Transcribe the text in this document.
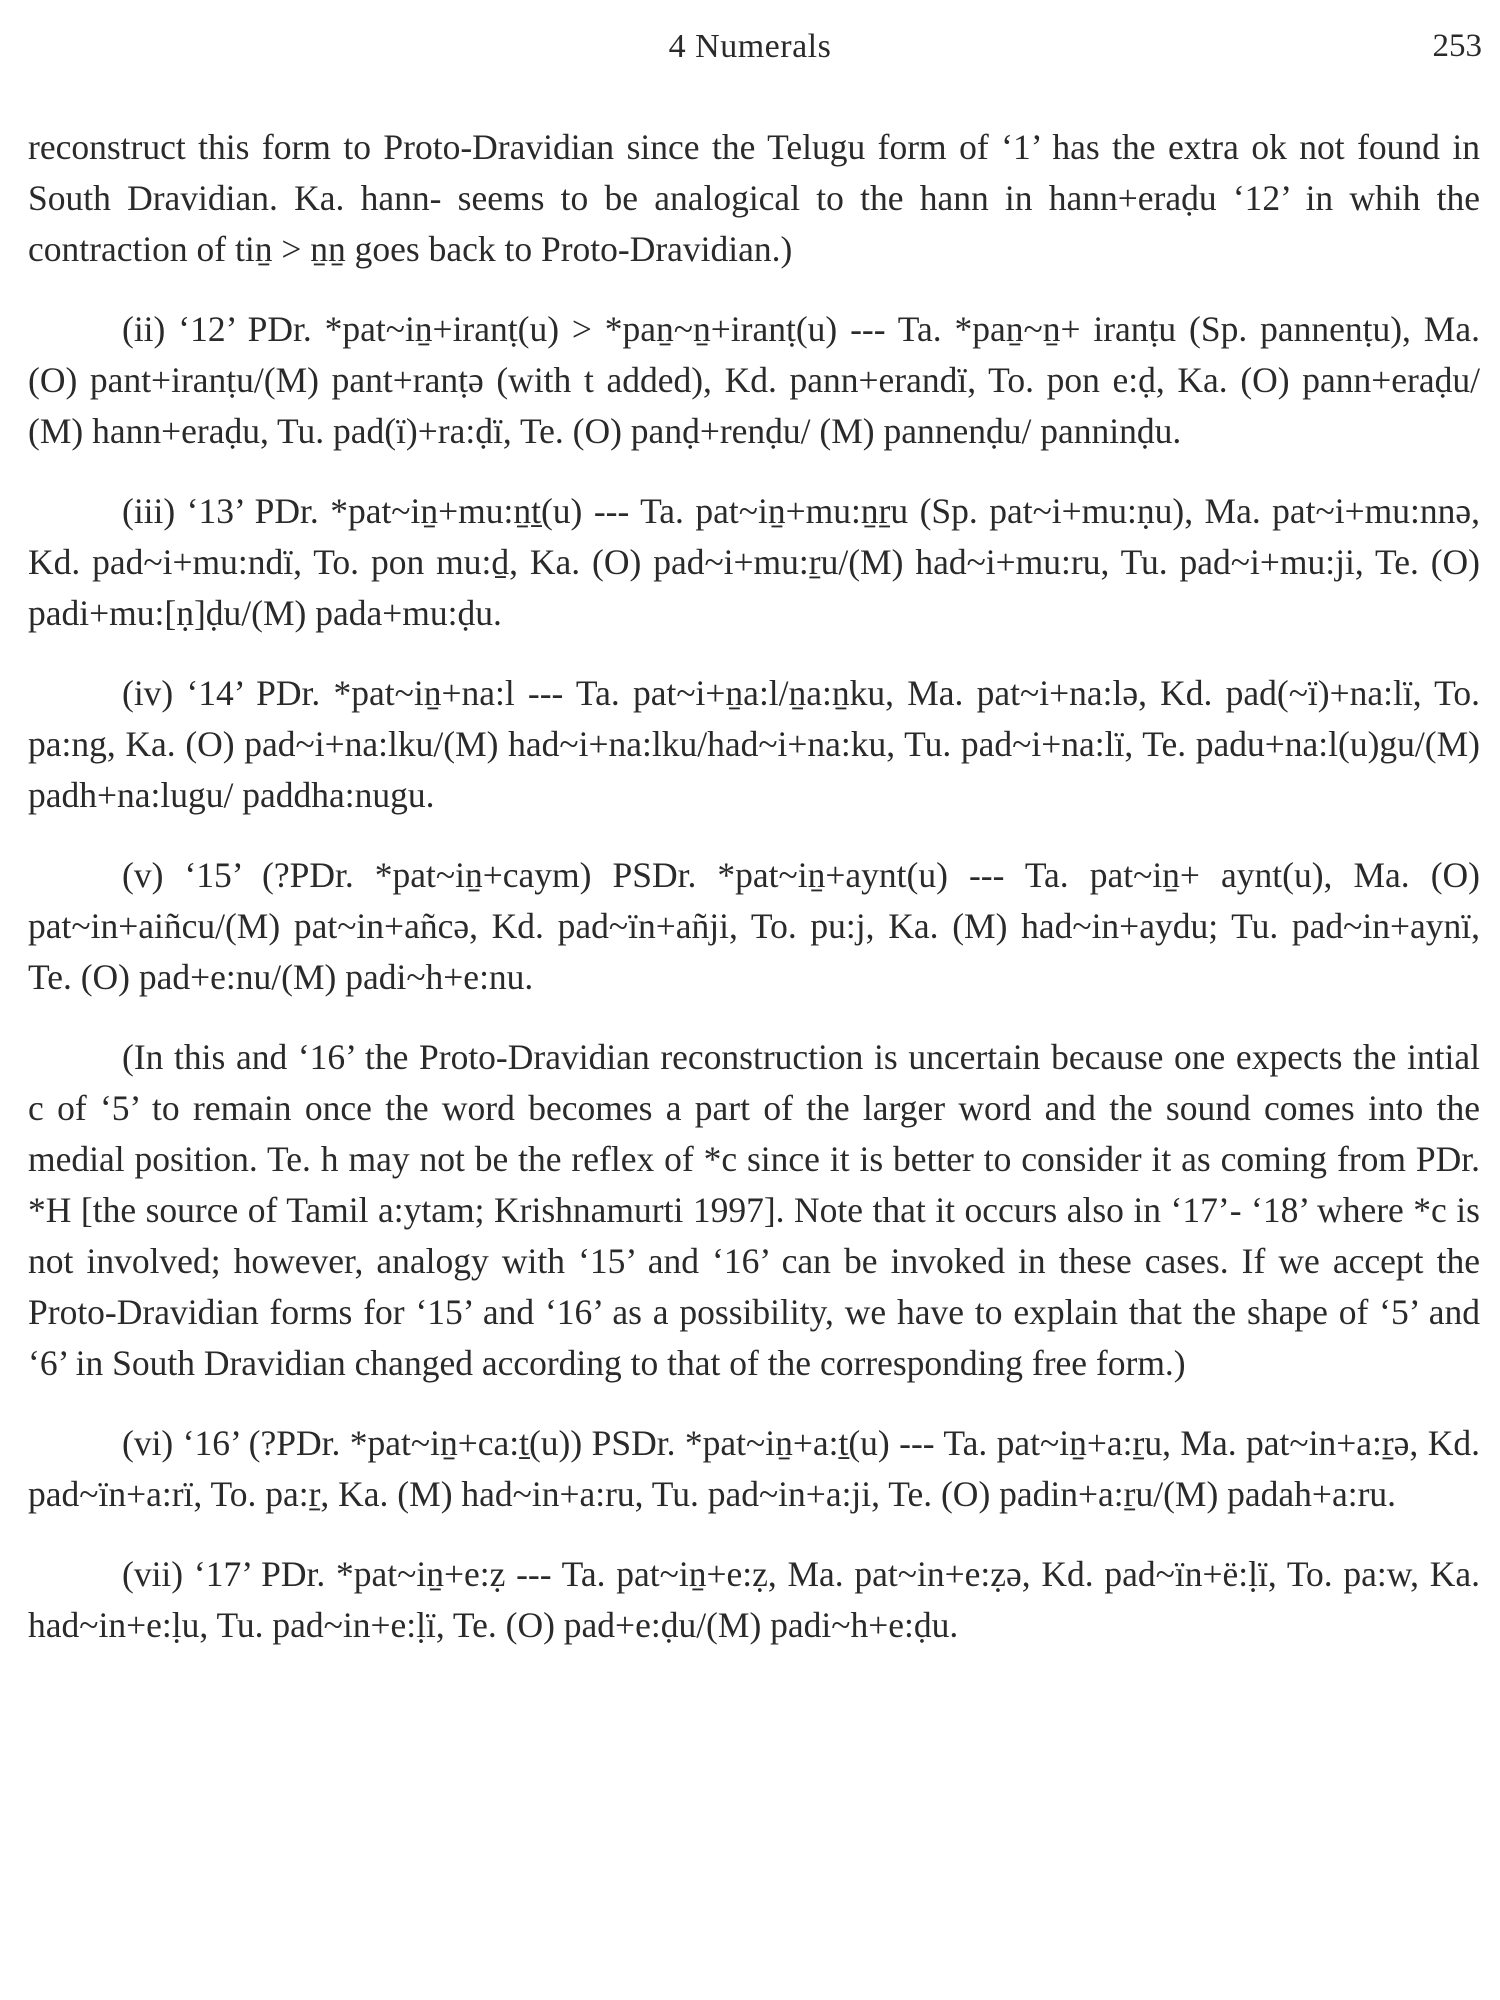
4 Numerals	253

reconstruct this form to Proto-Dravidian since the Telugu form of ‘1’ has the extra ok not found in South Dravidian. Ka. hann- seems to be analogical to the hann in hann+eraḍu ‘12’ in whih the contraction of tiṉ > ṉṉ goes back to Proto-Dravidian.)

(ii) ‘12’ PDr. *pat~iṉ+iranṭ(u) > *paṉ~ṉ+iranṭ(u) --- Ta. *paṉ~ṉ+ iranṭu (Sp. pannenṭu), Ma. (O) pant+iranṭu/(M) pant+ranṭə (with t added), Kd. pann+erandï, To. pon e:ḍ, Ka. (O) pann+eraḍu/ (M) hann+eraḍu, Tu. pad(ï)+ra:ḍï, Te. (O) panḍ+renḍu/ (M) pannenḍu/ panninḍu.

(iii) ‘13’ PDr. *pat~iṉ+mu:ṉṯ(u) --- Ta. pat~iṉ+mu:ṉṟu (Sp. pat~i+mu:ṇu), Ma. pat~i+mu:nnə, Kd. pad~i+mu:ndï, To. pon mu:ḏ, Ka. (O) pad~i+mu:ṟu/(M) had~i+mu:ru, Tu. pad~i+mu:ji, Te. (O) padi+mu:[ṇ]ḍu/(M) pada+mu:ḍu.

(iv) ‘14’ PDr. *pat~iṉ+na:l --- Ta. pat~i+ṉa:l/ṉa:ṉku, Ma. pat~i+na:lə, Kd. pad(~ï)+na:lï, To. pa:ng, Ka. (O) pad~i+na:lku/(M) had~i+na:lku/had~i+na:ku, Tu. pad~i+na:lï, Te. padu+na:l(u)gu/(M) padh+na:lugu/ paddha:nugu.

(v) ‘15’ (?PDr. *pat~iṉ+caym) PSDr. *pat~iṉ+aynt(u) --- Ta. pat~iṉ+ aynt(u), Ma. (O) pat~in+aiñcu/(M) pat~in+añcə, Kd. pad~ïn+añji, To. pu:j, Ka. (M) had~in+aydu; Tu. pad~in+aynï, Te. (O) pad+e:nu/(M) padi~h+e:nu.

(In this and ‘16’ the Proto-Dravidian reconstruction is uncertain because one expects the intial c of ‘5’ to remain once the word becomes a part of the larger word and the sound comes into the medial position. Te. h may not be the reflex of *c since it is better to consider it as coming from PDr. *H [the source of Tamil a:ytam; Krishnamurti 1997]. Note that it occurs also in ‘17’- ‘18’ where *c is not involved; however, analogy with ‘15’ and ‘16’ can be invoked in these cases. If we accept the Proto-Dravidian forms for ‘15’ and ‘16’ as a possibility, we have to explain that the shape of ‘5’ and ‘6’ in South Dravidian changed according to that of the corresponding free form.)

(vi) ‘16’ (?PDr. *pat~iṉ+ca:ṯ(u)) PSDr. *pat~iṉ+a:ṯ(u) --- Ta. pat~iṉ+a:ṟu, Ma. pat~in+a:ṟə, Kd. pad~ïn+a:rï, To. pa:ṟ, Ka. (M) had~in+a:ru, Tu. pad~in+a:ji, Te. (O) padin+a:ṟu/(M) padah+a:ru.

(vii) ‘17’ PDr. *pat~iṉ+e:ẓ --- Ta. pat~iṉ+e:ẓ, Ma. pat~in+e:ẓə, Kd. pad~ïn+ë:ḷï, To. pa:w, Ka. had~in+e:ḷu, Tu. pad~in+e:ḷï, Te. (O) pad+e:ḍu/(M) padi~h+e:ḍu.
